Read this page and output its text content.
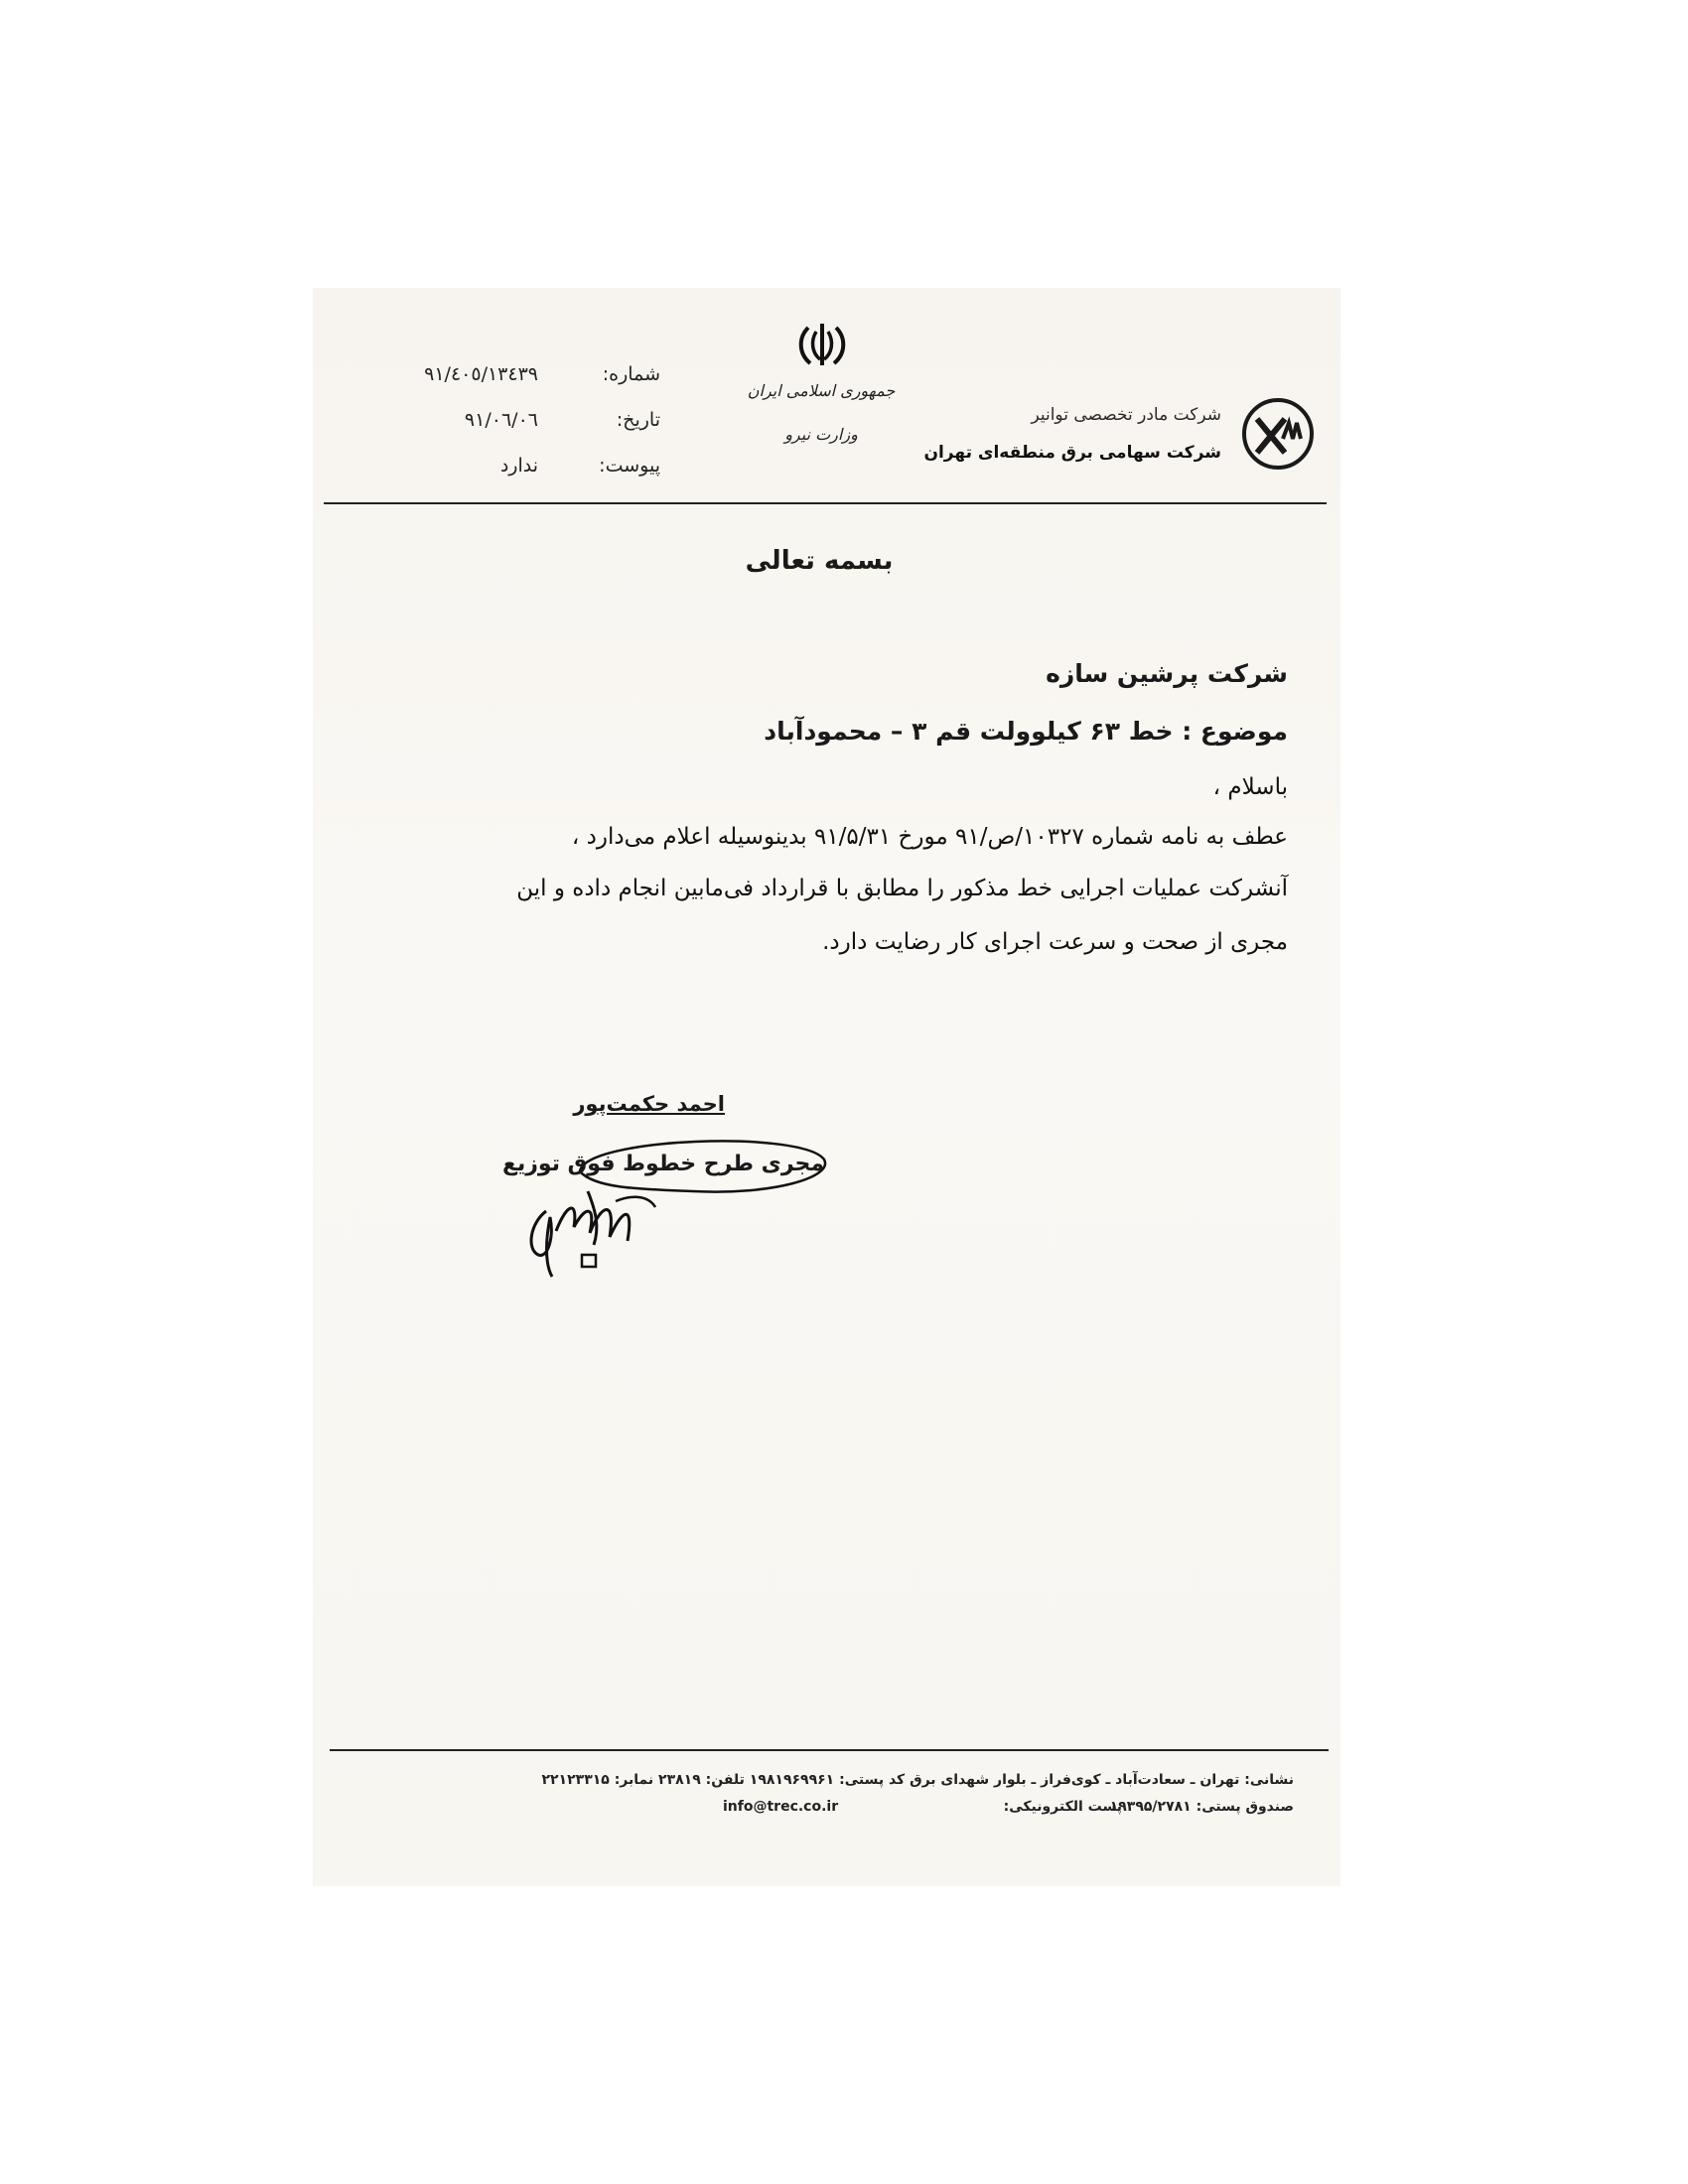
شرکت مادر تخصصی توانیر
شرکت سهامی برق منطقه‌ای تهران
جمهوری اسلامی ایران
وزارت نیرو
شماره:
۹۱/٤٠٥/١٣٤٣٩
تاریخ:
۹۱/۰٦/۰٦
پیوست:
ندارد
بسمه تعالی
شرکت پرشین سازه
موضوع : خط ۶۳ کیلوولت قم ۳ – محمودآباد
باسلام ،
عطف به نامه شماره ۱۰۳۲۷/ص/۹۱ مورخ ۹۱/۵/۳۱ بدینوسیله اعلام می‌دارد ،
آنشرکت عملیات اجرایی خط مذکور را مطابق با قرارداد فی‌مابین انجام داده و این
مجری از صحت و سرعت اجرای کار رضایت دارد.
احمد حکمت‌پور
مجری طرح خطوط فوق توزیع
نشانی: تهران ـ سعادت‌آباد ـ کوی‌فراز ـ بلوار شهدای برق کد پستی: ۱۹۸۱۹۶۹۹۶۱ تلفن: ۲۳۸۱۹ نمابر: ۲۲۱۲۳۳۱۵
صندوق پستی: ۱۹۳۹۵/۲۷۸۱
پست الکترونیکی:
info@trec.co.ir
